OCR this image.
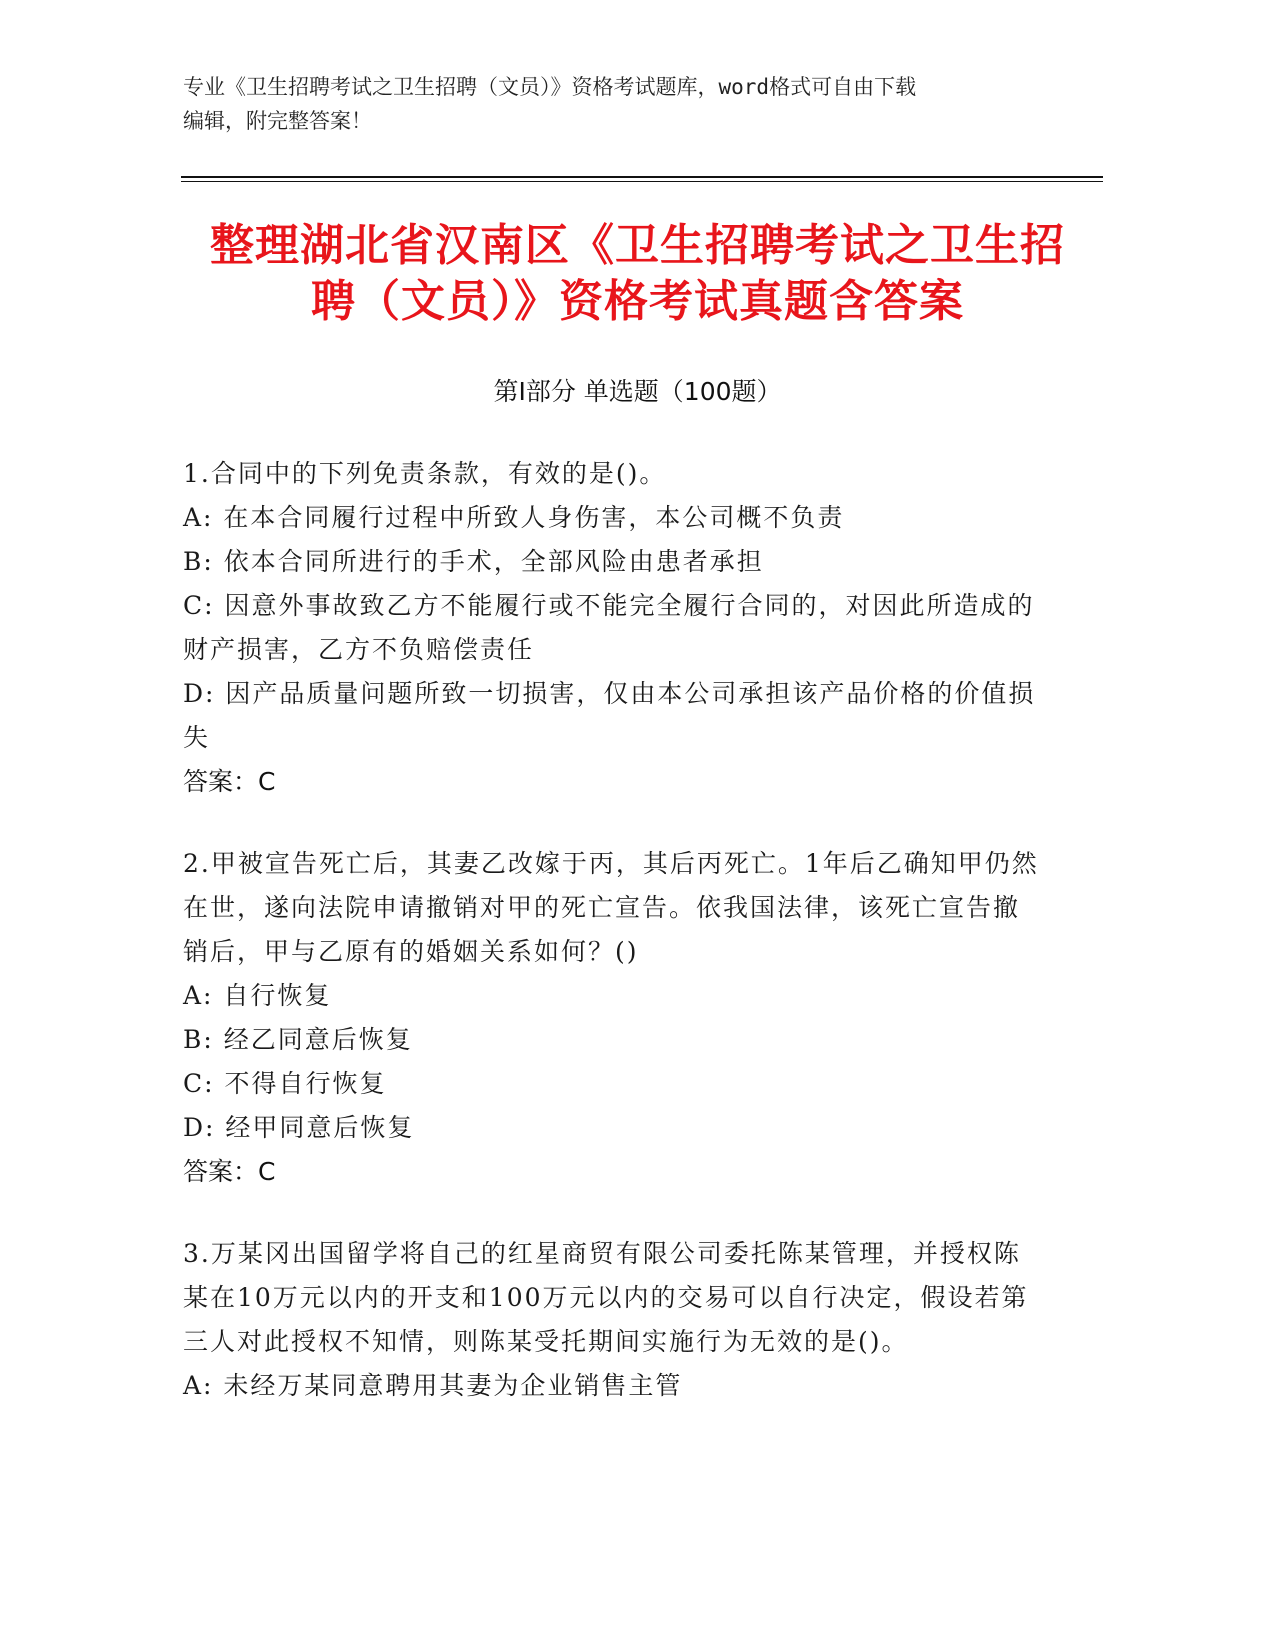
专业《卫生招聘考试之卫生招聘（文员）》资格考试题库，word格式可自由下载
编辑，附完整答案！
整理湖北省汉南区《卫生招聘考试之卫生招
聘（文员）》资格考试真题含答案
第I部分 单选题（100题）

1.合同中的下列免责条款，有效的是()。

A: 在本合同履行过程中所致人身伤害，本公司概不负责
B: 依本合同所进行的手术，全部风险由患者承担
C: 因意外事故致乙方不能履行或不能完全履行合同的，对因此所造成的财产损害，乙方不负赔偿责任
D: 因产品质量问题所致一切损害，仅由本公司承担该产品价格的价值损失

答案：C

2.甲被宣告死亡后，其妻乙改嫁于丙，其后丙死亡。1年后乙确知甲仍然在世，遂向法院申请撤销对甲的死亡宣告。依我国法律，该死亡宣告撤销后，甲与乙原有的婚姻关系如何？()

A: 自行恢复
B: 经乙同意后恢复
C: 不得自行恢复
D: 经甲同意后恢复

答案：C

3.万某冈出国留学将自己的红星商贸有限公司委托陈某管理，并授权陈某在10万元以内的开支和100万元以内的交易可以自行决定，假设若第三人对此授权不知情，则陈某受托期间实施行为无效的是()。

A: 未经万某同意聘用其妻为企业销售主管
